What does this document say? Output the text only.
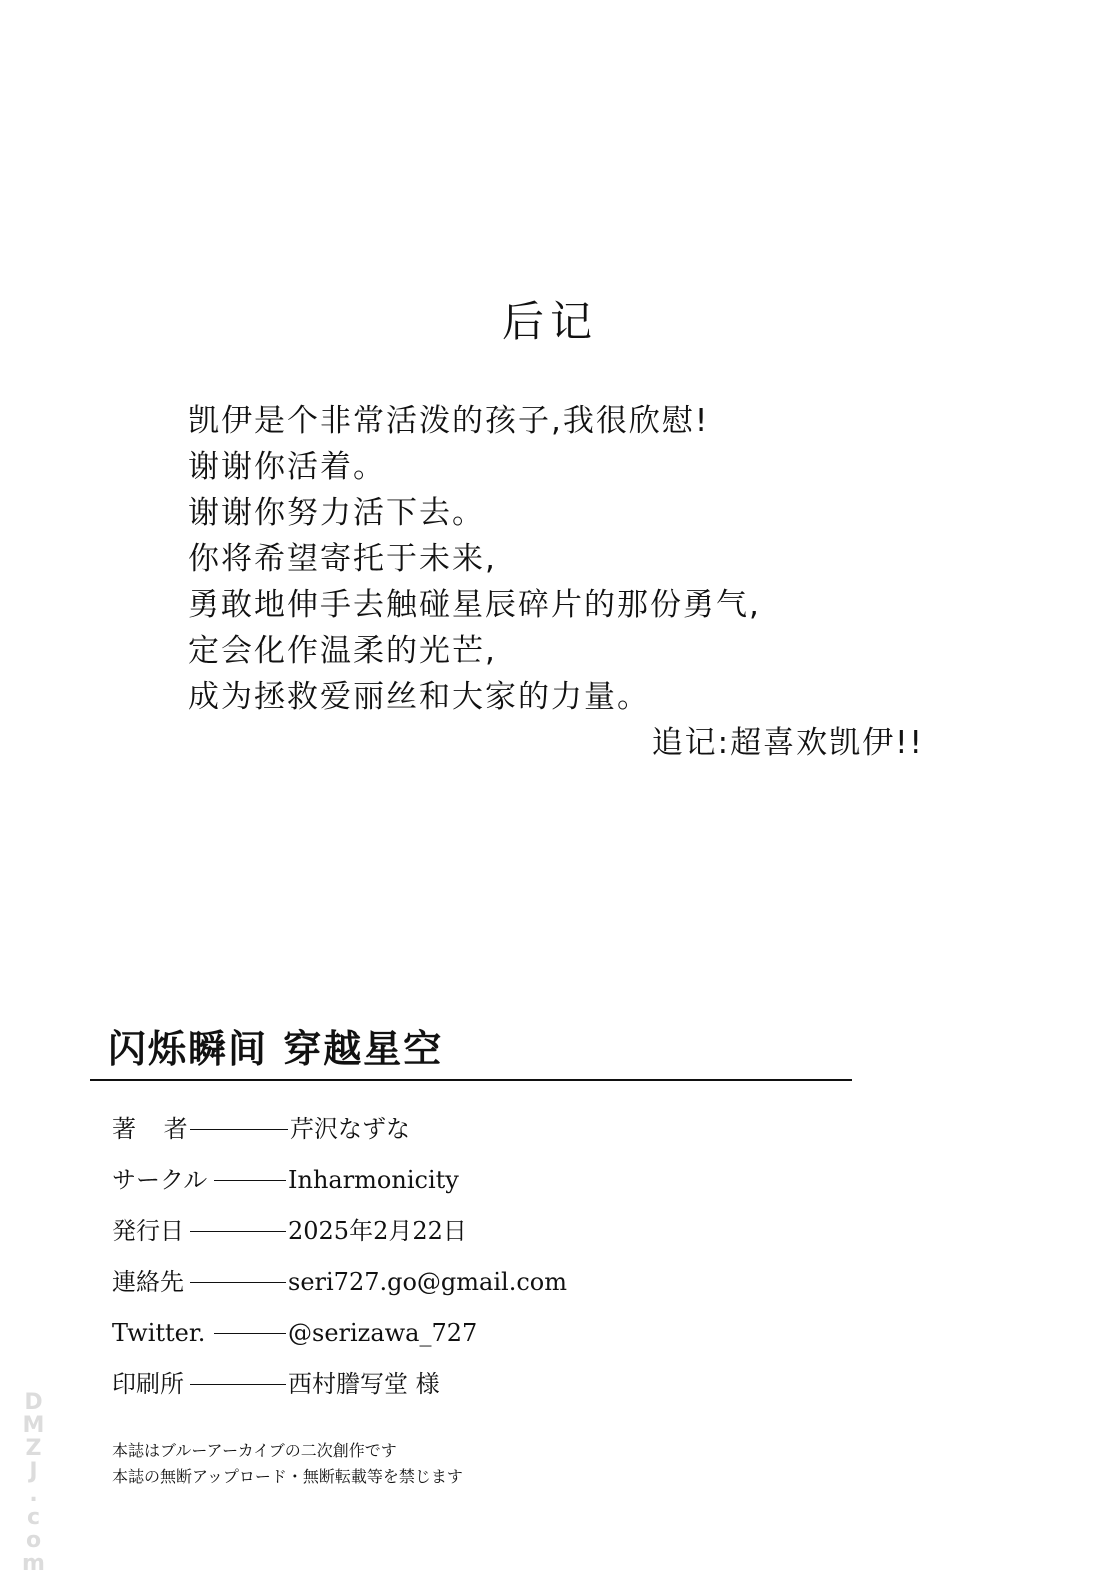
后记
凯伊是个非常活泼的孩子,我很欣慰!
谢谢你活着。
谢谢你努力活下去。
你将希望寄托于未来,
勇敢地伸手去触碰星辰碎片的那份勇气,
定会化作温柔的光芒,
成为拯救爱丽丝和大家的力量。
追记:超喜欢凯伊!!
闪烁瞬间 穿越星空
著 者	芹沢なずな
サークル	Inharmonicity
発行日	2025年2月22日
連絡先	seri727.go@gmail.com
Twitter.	@serizawa_727
印刷所	西村謄写堂 様
本誌はブルーアーカイブの二次創作です
本誌の無断アップロード・無断転載等を禁じます
DMZJ.com
